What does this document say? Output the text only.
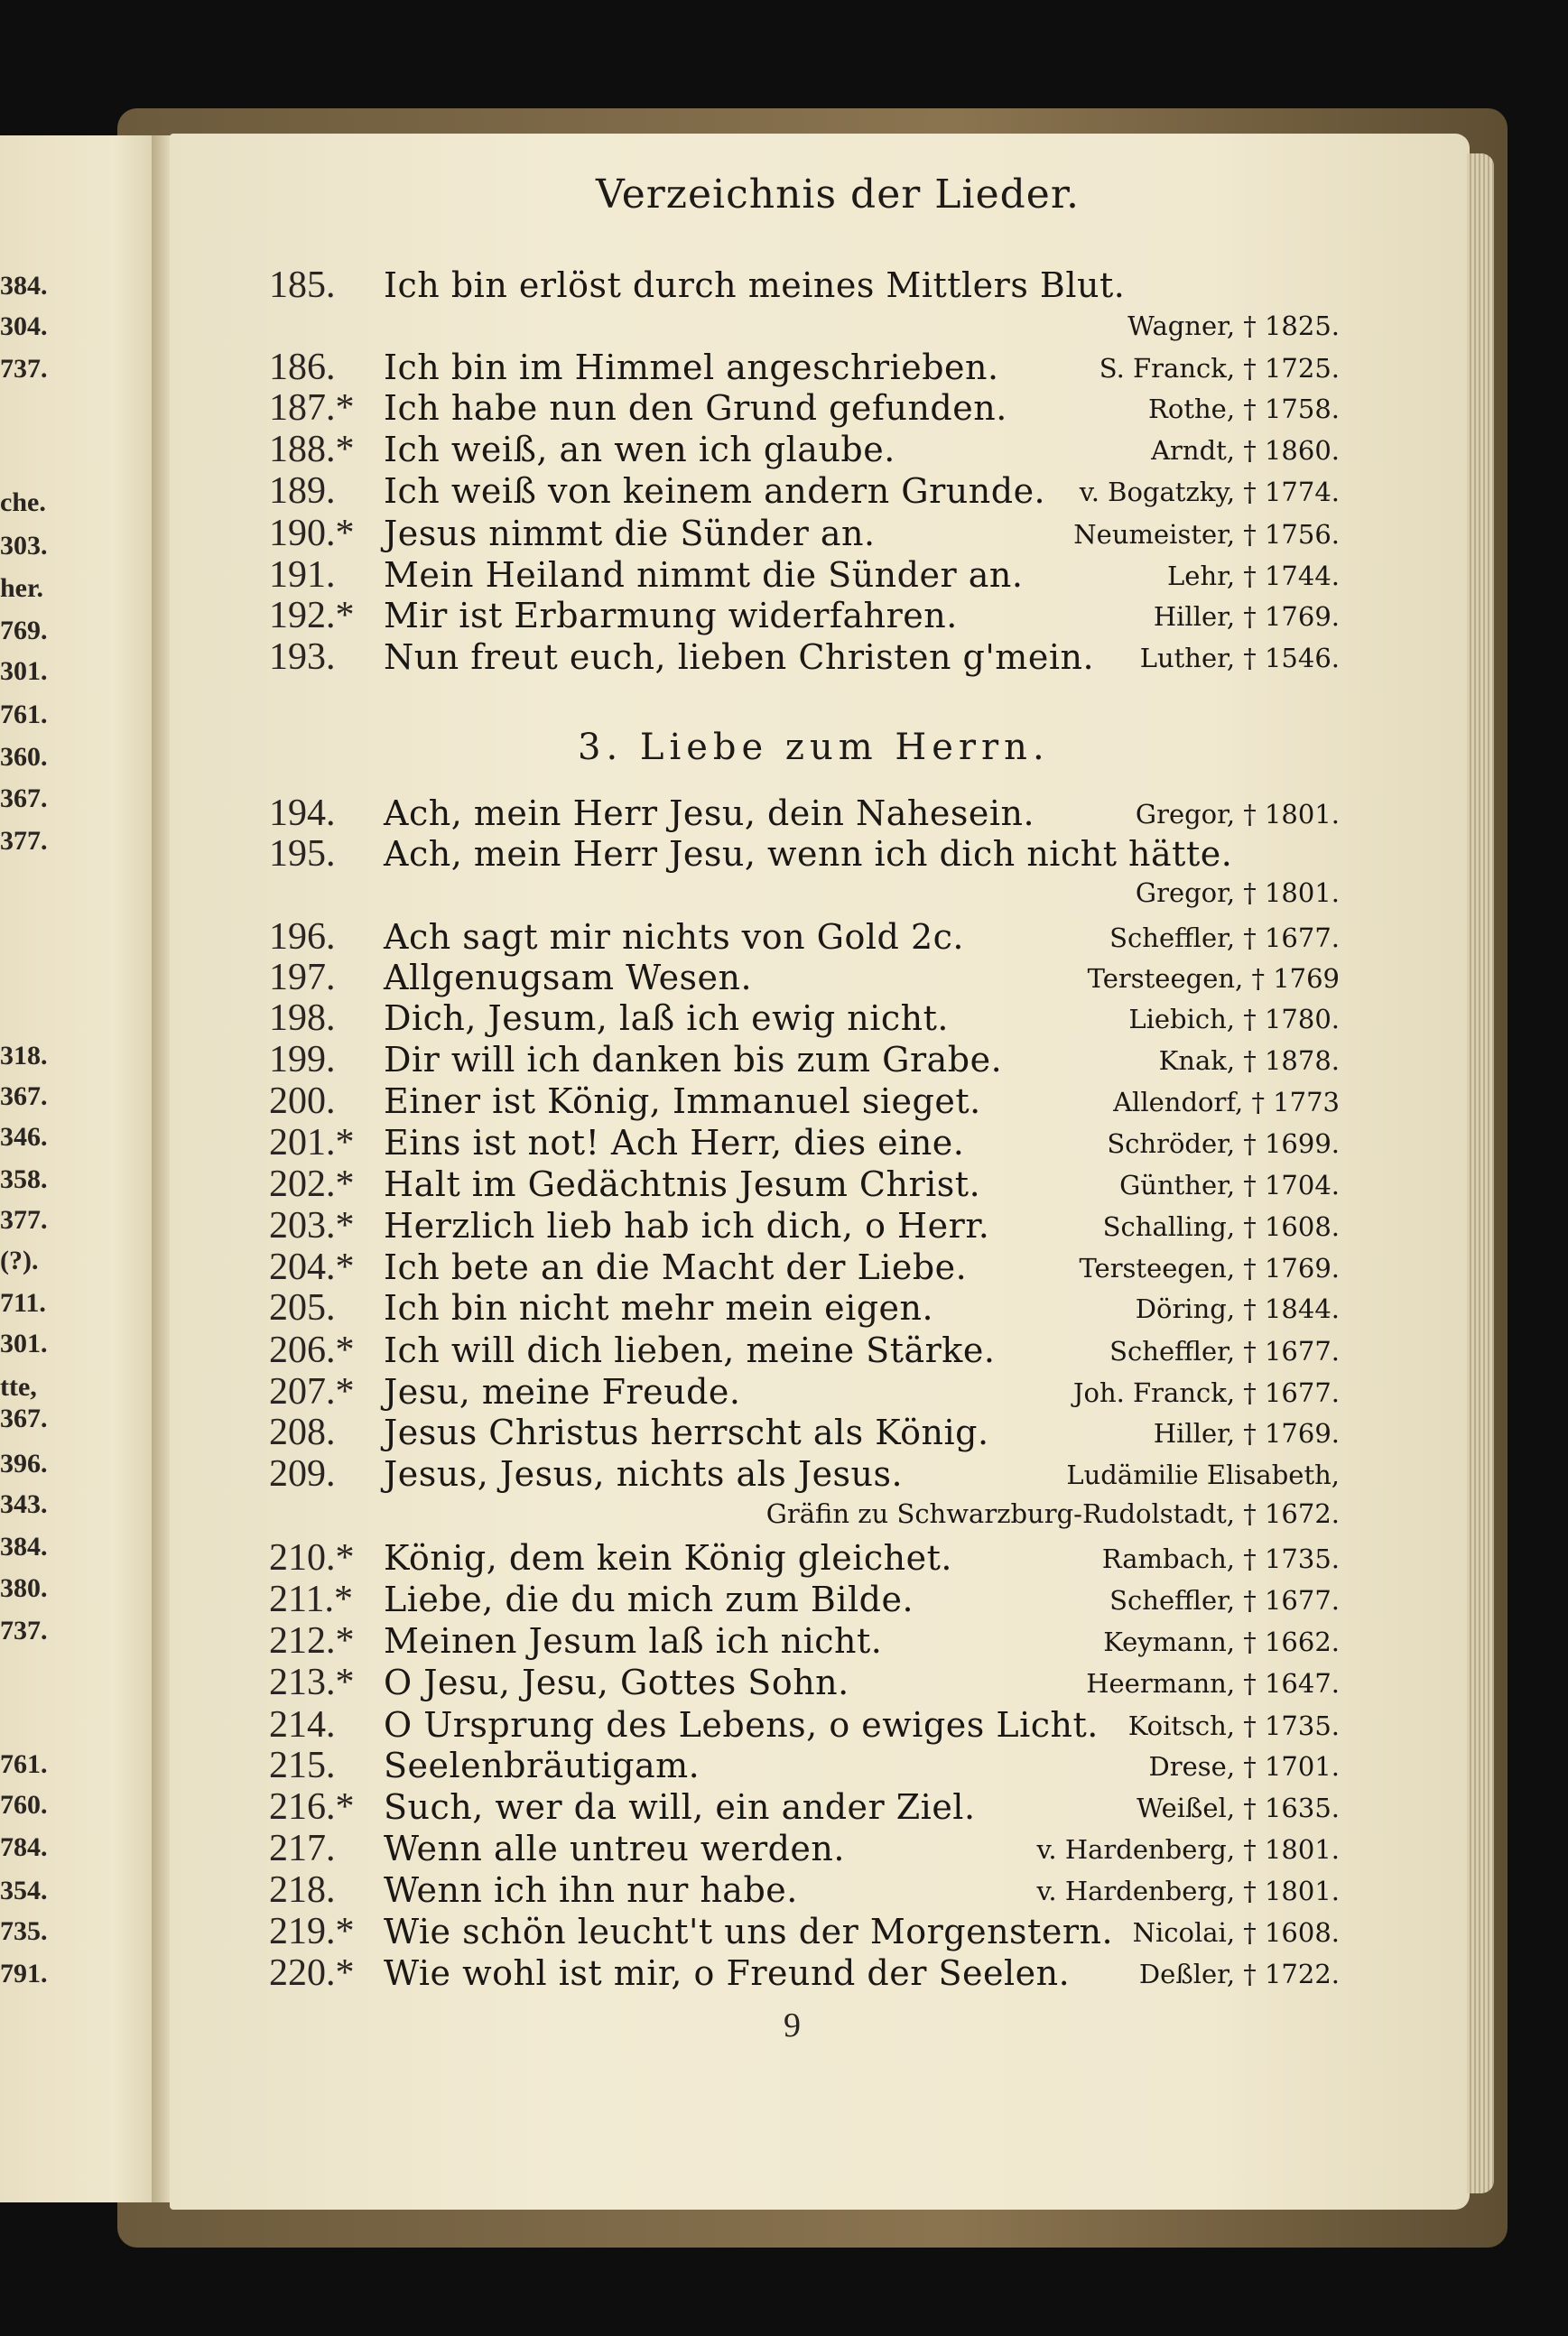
384.
304.
737.
che.
303.
her.
769.
301.
761.
360.
367.
377.
318.
367.
346.
358.
377.
(?).
711.
301.
tte,
367.
396.
343.
384.
380.
737.
761.
760.
784.
354.
735.
791.
Verzeichnis der Lieder.
185. Ich bin erlöst durch meines Mittlers Blut.
Wagner, † 1825.
186. Ich bin im Himmel angeschrieben.	S. Franck, † 1725.
187.* Ich habe nun den Grund gefunden.	Rothe, † 1758.
188.* Ich weiß, an wen ich glaube.	Arndt, † 1860.
189. Ich weiß von keinem andern Grunde. v. Bogatzky, † 1774.
190.* Jesus nimmt die Sünder an.	Neumeister, † 1756.
191. Mein Heiland nimmt die Sünder an.	Lehr, † 1744.
192.* Mir ist Erbarmung widerfahren.	Hiller, † 1769.
193. Nun freut euch, lieben Christen g'mein. Luther, † 1546.
194. Ach, mein Herr Jesu, dein Nahesein.	Gregor, † 1801.
195. Ach, mein Herr Jesu, wenn ich dich nicht hätte.
Gregor, † 1801.
196. Ach sagt mir nichts von Gold 2c.	Scheffler, † 1677.
197. Allgenugsam Wesen.	Tersteegen, † 1769
198. Dich, Jesum, laß ich ewig nicht.	Liebich, † 1780.
199. Dir will ich danken bis zum Grabe.	Knak, † 1878.
200. Einer ist König, Immanuel sieget.	Allendorf, † 1773
201.* Eins ist not! Ach Herr, dies eine.	Schröder, † 1699.
202.* Halt im Gedächtnis Jesum Christ.	Günther, † 1704.
203.* Herzlich lieb hab ich dich, o Herr.	Schalling, † 1608.
204.* Ich bete an die Macht der Liebe.	Tersteegen, † 1769.
205. Ich bin nicht mehr mein eigen.	Döring, † 1844.
206.* Ich will dich lieben, meine Stärke.	Scheffler, † 1677.
207.* Jesu, meine Freude.	Joh. Franck, † 1677.
208. Jesus Christus herrscht als König.	Hiller, † 1769.
209. Jesus, Jesus, nichts als Jesus.	Ludämilie Elisabeth,
Gräfin zu Schwarzburg-Rudolstadt, † 1672.
210.* König, dem kein König gleichet.	Rambach, † 1735.
211.* Liebe, die du mich zum Bilde.	Scheffler, † 1677.
212.* Meinen Jesum laß ich nicht.	Keymann, † 1662.
213.* O Jesu, Jesu, Gottes Sohn.	Heermann, † 1647.
214. O Ursprung des Lebens, o ewiges Licht. Koitsch, † 1735.
215. Seelenbräutigam.	Drese, † 1701.
216.* Such, wer da will, ein ander Ziel.	Weißel, † 1635.
217. Wenn alle untreu werden.	v. Hardenberg, † 1801.
218. Wenn ich ihn nur habe.	v. Hardenberg, † 1801.
219.* Wie schön leucht't uns der Morgenstern. Nicolai, † 1608.
220.* Wie wohl ist mir, o Freund der Seelen.	Deßler, † 1722.
3. Liebe zum Herrn.
9
